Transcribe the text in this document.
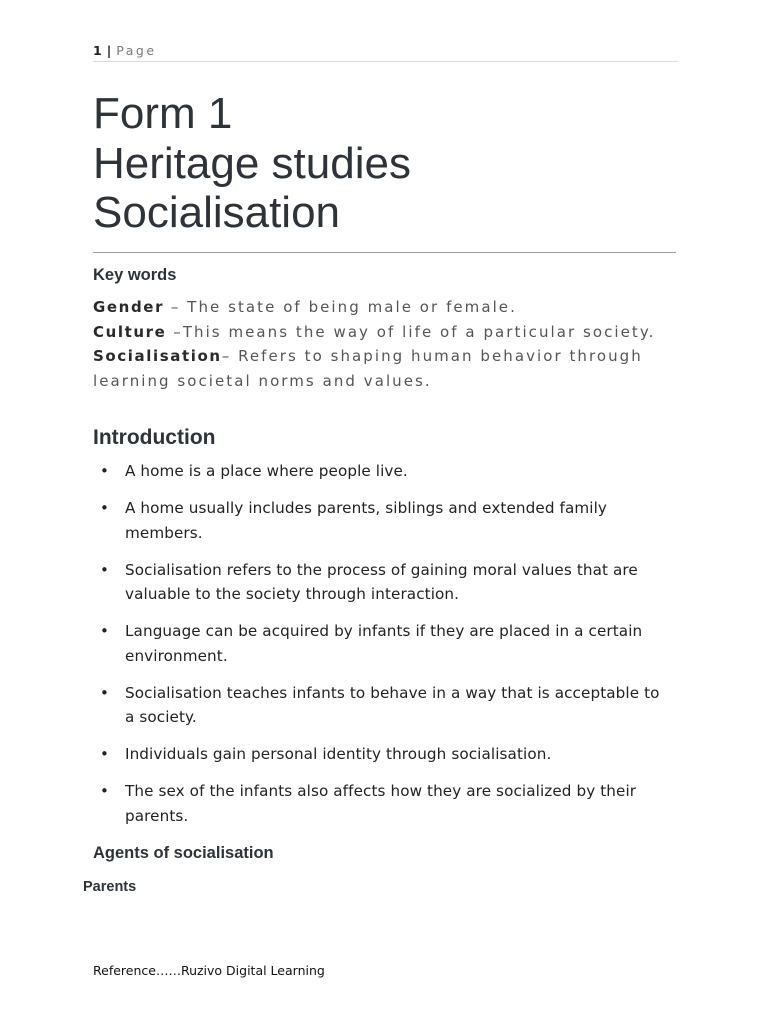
1 | Page
Form 1
Heritage studies
Socialisation
Key words

Gender – The state of being male or female.

Culture –This means the way of life of a particular society.

Socialisation– Refers to shaping human behavior through learning societal norms and values.

Introduction
• A home is a place where people live.
• A home usually includes parents, siblings and extended family members.
• Socialisation refers to the process of gaining moral values that are valuable to the society through interaction.
• Language can be acquired by infants if they are placed in a certain environment.
• Socialisation teaches infants to behave in a way that is acceptable to a society.
• Individuals gain personal identity through socialisation.
• The sex of the infants also affects how they are socialized by their parents.
Agents of socialisation
Parents
Reference……Ruzivo Digital Learning
